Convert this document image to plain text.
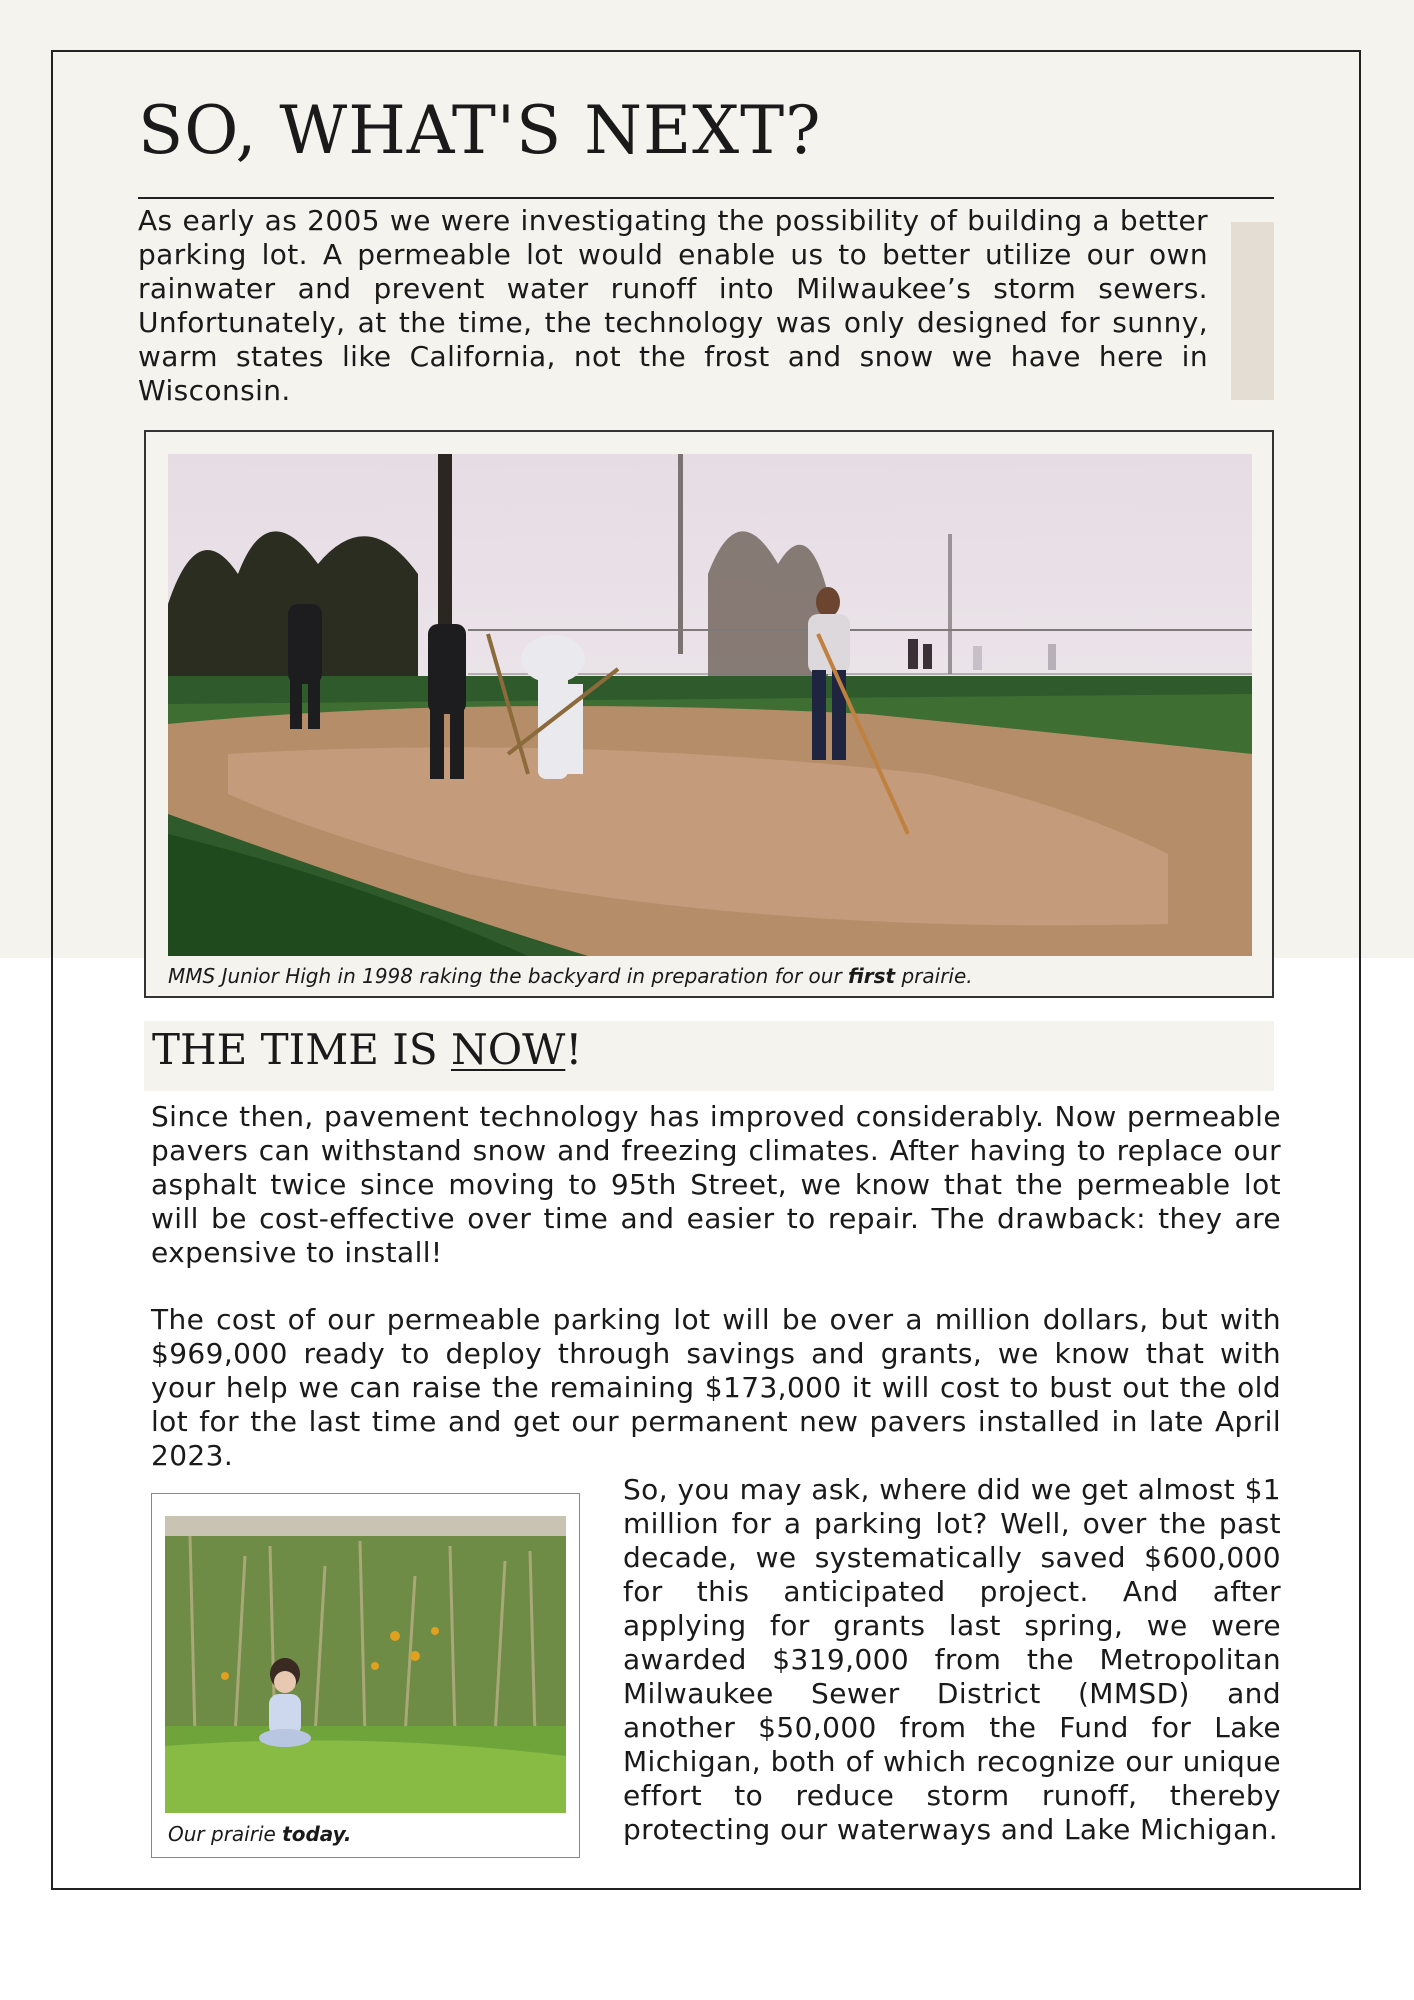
SO, WHAT'S NEXT?

As early as 2005 we were investigating the possibility of building a better parking lot. A permeable lot would enable us to better utilize our own rainwater and prevent water runoff into Milwaukee’s storm sewers. Unfortunately, at the time, the technology was only designed for sunny, warm states like California, not the frost and snow we have here in Wisconsin.

MMS Junior High in 1998 raking the backyard in preparation for our first prairie.

THE TIME IS NOW!

Since then, pavement technology has improved considerably. Now permeable pavers can withstand snow and freezing climates. After having to replace our asphalt twice since moving to 95th Street, we know that the permeable lot will be cost-effective over time and easier to repair. The drawback: they are expensive to install!

The cost of our permeable parking lot will be over a million dollars, but with $969,000 ready to deploy through savings and grants, we know that with your help we can raise the remaining $173,000 it will cost to bust out the old lot for the last time and get our permanent new pavers installed in late April 2023.

Our prairie today.

So, you may ask, where did we get almost $1 million for a parking lot? Well, over the past decade, we systematically saved $600,000 for this anticipated project. And after applying for grants last spring, we were awarded $319,000 from the Metropolitan Milwaukee Sewer District (MMSD) and another $50,000 from the Fund for Lake Michigan, both of which recognize our unique effort to reduce storm runoff, thereby protecting our waterways and Lake Michigan.
